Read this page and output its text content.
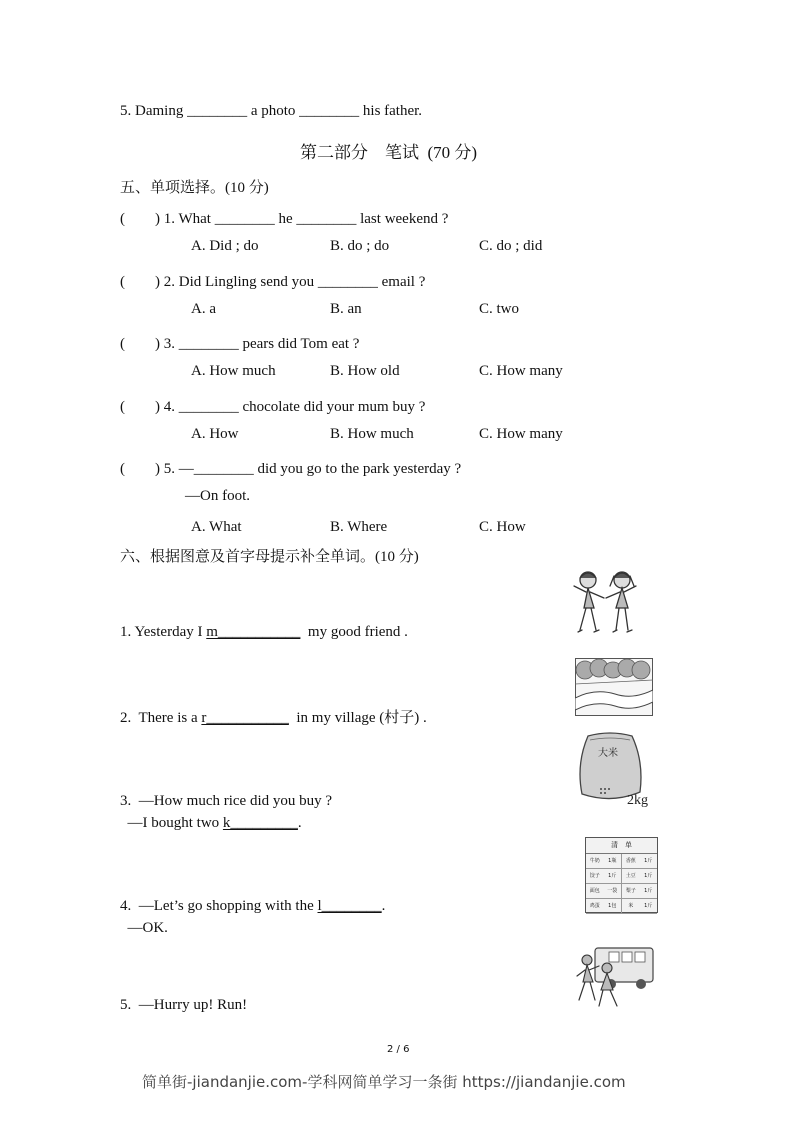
5. Daming ________ a photo ________ his father.
第二部分　笔试  (70 分)
五、单项选择。(10 分)
(　　) 1. What ________ he ________ last weekend ?
A. Did ; do	B. do ; do	C. do ; did
(　　) 2. Did Lingling send you ________ email ?
A. a	B. an	C. two
(　　) 3. ________ pears did Tom eat ?
A. How much	B. How old	C. How many
(　　) 4. ________ chocolate did your mum buy ?
A. How	B. How much	C. How many
(　　) 5. —________ did you go to the park yesterday ?
—On foot.
A. What	B. Where	C. How
六、根据图意及首字母提示补全单词。(10 分)
1. Yesterday I m___________  my good friend .
2.  There is a r___________  in my village (村子) .
3.  —How much rice did you buy ?
—I bought two k_________.
4.  —Let’s go shopping with the l________.
—OK.
5.  —Hurry up! Run!
大米
2kg
清　单
牛奶	1瓶	香蕉	1斤
饺子	1斤	土豆	1斤
面包	一袋	梨子	1斤
鸡蛋	1包	米	1斤
2 / 6
简单街-jiandanjie.com-学科网简单学习一条街 https://jiandanjie.com
